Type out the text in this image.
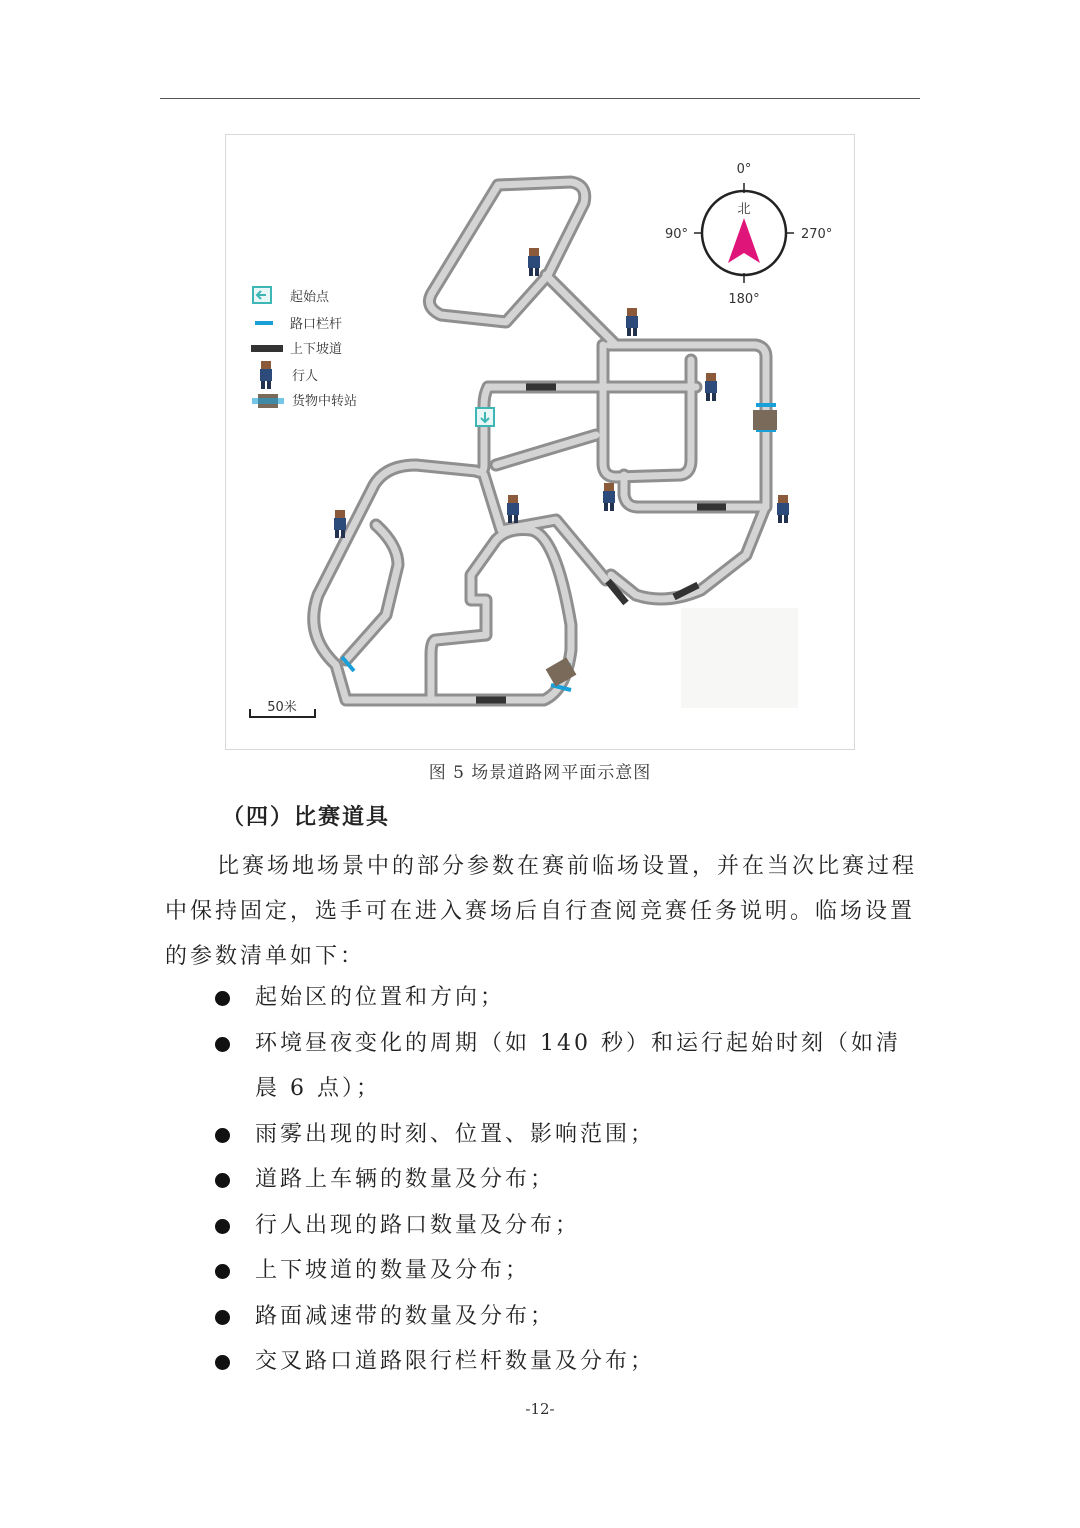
起始点
路口栏杆
上下坡道
行人
货物中转站
北
0°
90°	270°
180°
50米
图 5 场景道路网平面示意图
（四）比赛道具
比赛场地场景中的部分参数在赛前临场设置，并在当次比赛过程中保持固定，选手可在进入赛场后自行查阅竞赛任务说明。临场设置的参数清单如下：
起始区的位置和方向；
环境昼夜变化的周期（如 140 秒）和运行起始时刻（如清晨 6 点）；
雨雾出现的时刻、位置、影响范围；
道路上车辆的数量及分布；
行人出现的路口数量及分布；
上下坡道的数量及分布；
路面减速带的数量及分布；
交叉路口道路限行栏杆数量及分布；
-12-
